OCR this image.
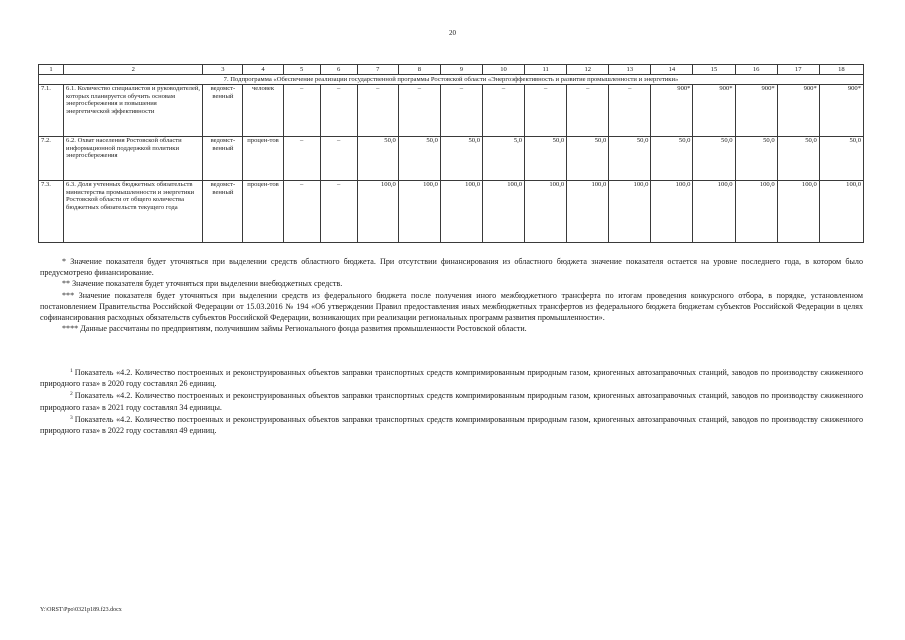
20
1	2	3	4	5	6	7	8	9	10	11	12	13	14	15	16	17	18
7. Подпрограмма «Обеспечение реализации государственной программы Ростовской области «Энергоэффективность и развитие промышленности и энергетики»																	
7.1.	6.1. Количество специалистов и руководителей, которых планируется обучить основам энергосбережения и повышения энергетической эффективности	ведомст-венный	человек	–	–	–	–	–	–	–	–	–	900*	900*	900*	900*	900*
7.2.	6.2. Охват населения Ростовской области информационной поддержкой политики энергосбережения	ведомст-венный	процен-тов	–	–	50,0	50,0	50,0	5,0	50,0	50,0	50,0	50,0	50,0	50,0	50,0	50,0
7.3.	6.3. Доля учтенных бюджетных обязательств министерства промышленности и энергетики Ростовской области от общего количества бюджетных обязательств текущего года	ведомст-венный	процен-тов	–	–	100,0	100,0	100,0	100,0	100,0	100,0	100,0	100,0	100,0	100,0	100,0	100,0

* Значение показателя будет уточняться при выделении средств областного бюджета. При отсутствии финансирования из областного бюджета значение показателя остается на уровне последнего года, в котором было предусмотрено финансирование.

** Значение показателя будет уточняться при выделении внебюджетных средств.

*** Значение показателя будет уточняться при выделении средств из федерального бюджета после получения иного межбюджетного трансферта по итогам проведения конкурсного отбора, в порядке, установленном постановлением Правительства Российской Федерации от 15.03.2016 № 194 «Об утверждении Правил предоставления иных межбюджетных трансфертов из федерального бюджета бюджетам субъектов Российской Федерации в целях софинансирования расходных обязательств субъектов Российской Федерации, возникающих при реализации региональных программ развития промышленности».

**** Данные рассчитаны по предприятиям, получившим займы Регионального фонда развития промышленности Ростовской области.

$^1$ Показатель «4.2. Количество построенных и реконструированных объектов заправки транспортных средств компримированным природным газом, криогенных автозаправочных станций, заводов по производству сжиженного природного газа» в 2020 году составлял 26 единиц.

$^2$ Показатель «4.2. Количество построенных и реконструированных объектов заправки транспортных средств компримированным природным газом, криогенных автозаправочных станций, заводов по производству сжиженного природного газа» в 2021 году составлял 34 единицы.

$^3$ Показатель «4.2. Количество построенных и реконструированных объектов заправки транспортных средств компримированным природным газом, криогенных автозаправочных станций, заводов по производству сжиженного природного газа» в 2022 году составлял 49 единиц.

Y:\ORST\Ppo\0321p189.f23.docx
